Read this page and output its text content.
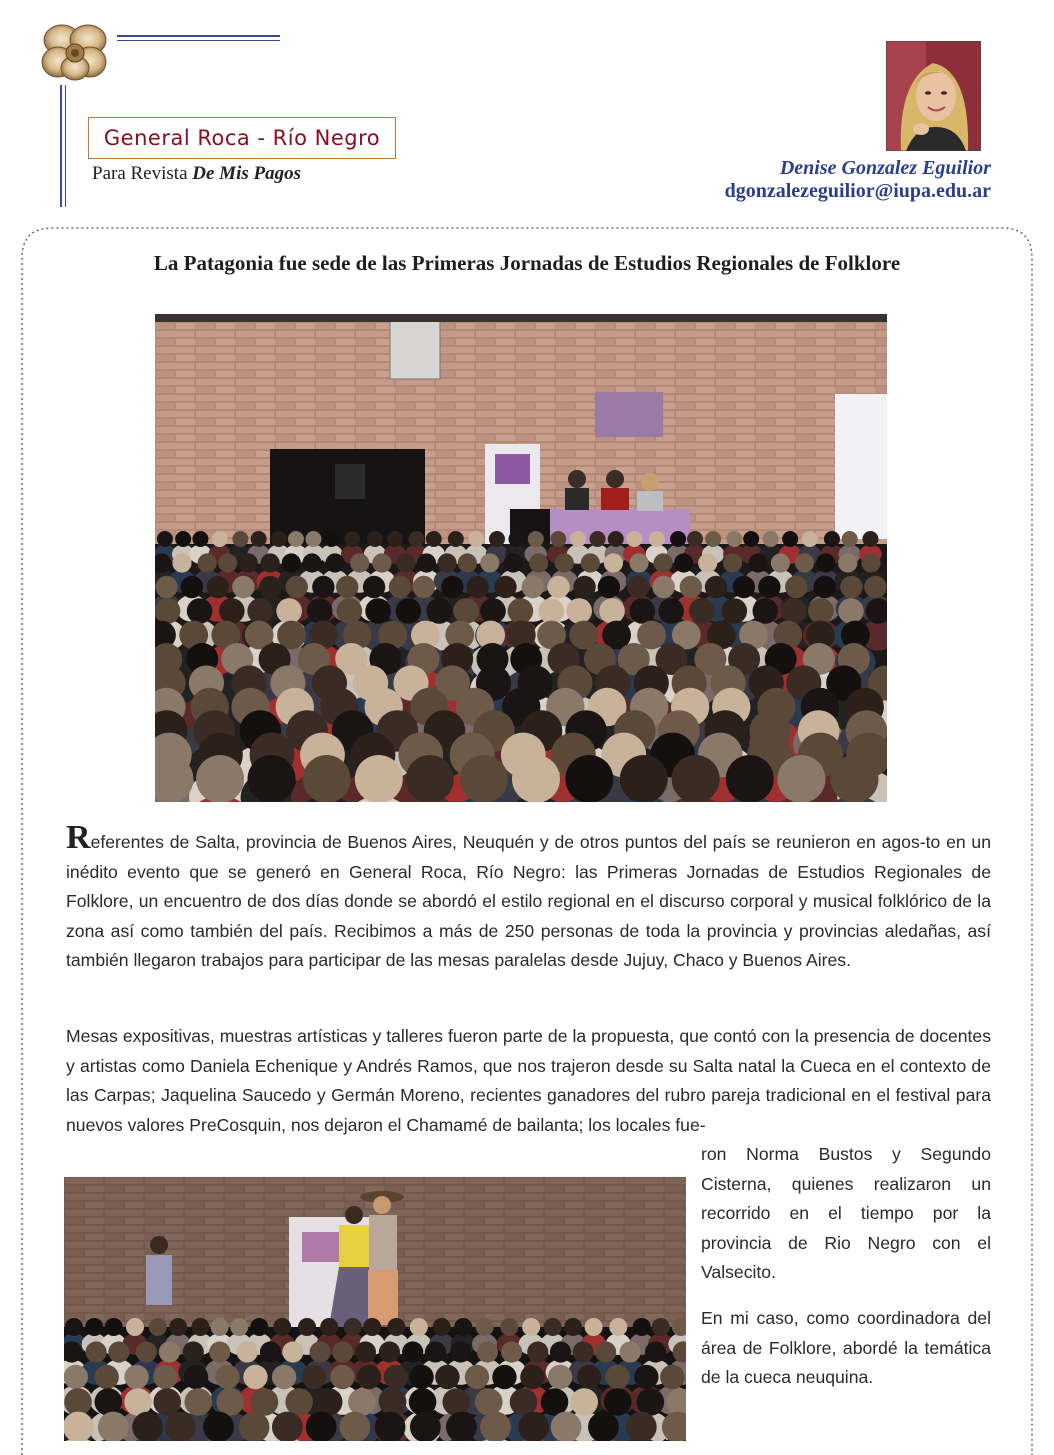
General Roca - Río Negro
Para Revista De Mis Pagos	Denise Gonzalez Eguilior
dgonzalezeguilior@iupa.edu.ar
La Patagonia fue sede de las Primeras Jornadas de Estudios Regionales de Folklore
Referentes de Salta, provincia de Buenos Aires, Neuquén y de otros puntos del país se reunieron en agos-to en un inédito evento que se generó en General Roca, Río Negro: las Primeras Jornadas de Estudios Regionales de Folklore, un encuentro de dos días donde se abordó el estilo regional en el discurso corporal y musical folklórico de la zona así como también del país. Recibimos a más de 250 personas de toda la provincia y provincias aledañas, así también llegaron trabajos para participar de las mesas paralelas desde Jujuy, Chaco y Buenos Aires.
Mesas expositivas, muestras artísticas y talleres fueron parte de la propuesta, que contó con la presencia de docentes y artistas como Daniela Echenique y Andrés Ramos, que nos trajeron desde su Salta natal la Cueca en el contexto de las Carpas; Jaquelina Saucedo y Germán Moreno, recientes ganadores del rubro pareja tradicional en el festival para nuevos valores PreCosquin, nos dejaron el Chamamé de bailanta; los locales fue-
ron Norma Bustos y Segundo Cisterna, quienes realizaron un recorrido en el tiempo por la provincia de Rio Negro con el Valsecito.
En mi caso, como coordinadora del área de Folklore, abordé la temática de la cueca neuquina.
